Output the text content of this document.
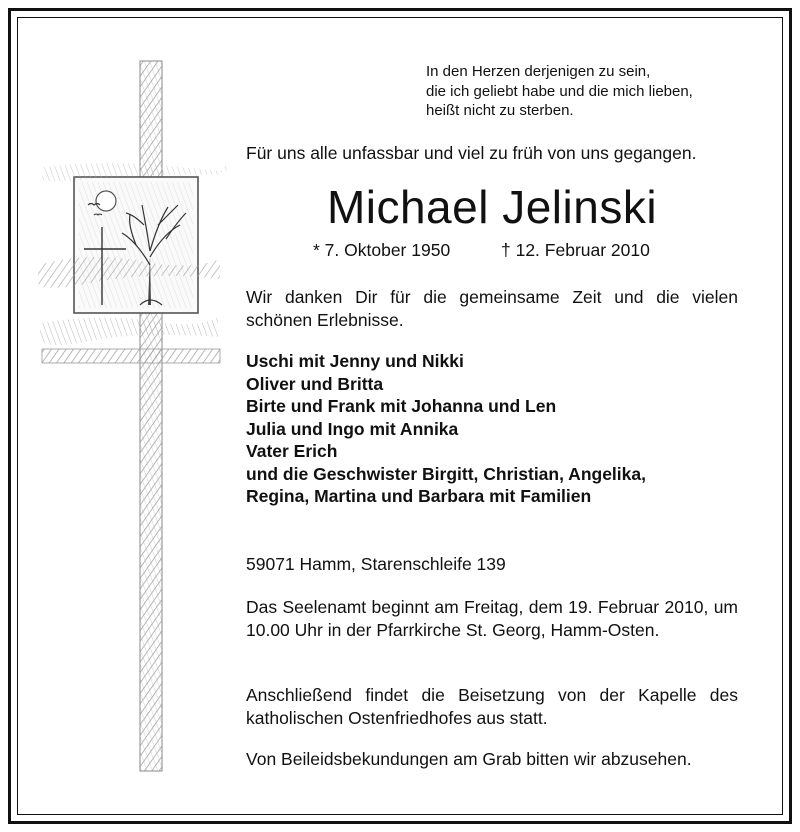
In den Herzen derjenigen zu sein,
die ich geliebt habe und die mich lieben,
heißt nicht zu sterben.
Für uns alle unfassbar und viel zu früh von uns gegangen.
Michael Jelinski
* 7. Oktober 1950	† 12. Februar 2010
Wir danken Dir für die gemeinsame Zeit und die vielen schönen Erlebnisse.
Uschi mit Jenny und Nikki
Oliver und Britta
Birte und Frank mit Johanna und Len
Julia und Ingo mit Annika
Vater Erich
und die Geschwister Birgitt, Christian, Angelika,
Regina, Martina und Barbara mit Familien
59071 Hamm, Starenschleife 139
Das Seelenamt beginnt am Freitag, dem 19. Februar 2010, um 10.00 Uhr in der Pfarrkirche St. Georg, Hamm-Osten.
Anschließend findet die Beisetzung von der Kapelle des katholischen Ostenfriedhofes aus statt.
Von Beileidsbekundungen am Grab bitten wir abzusehen.
